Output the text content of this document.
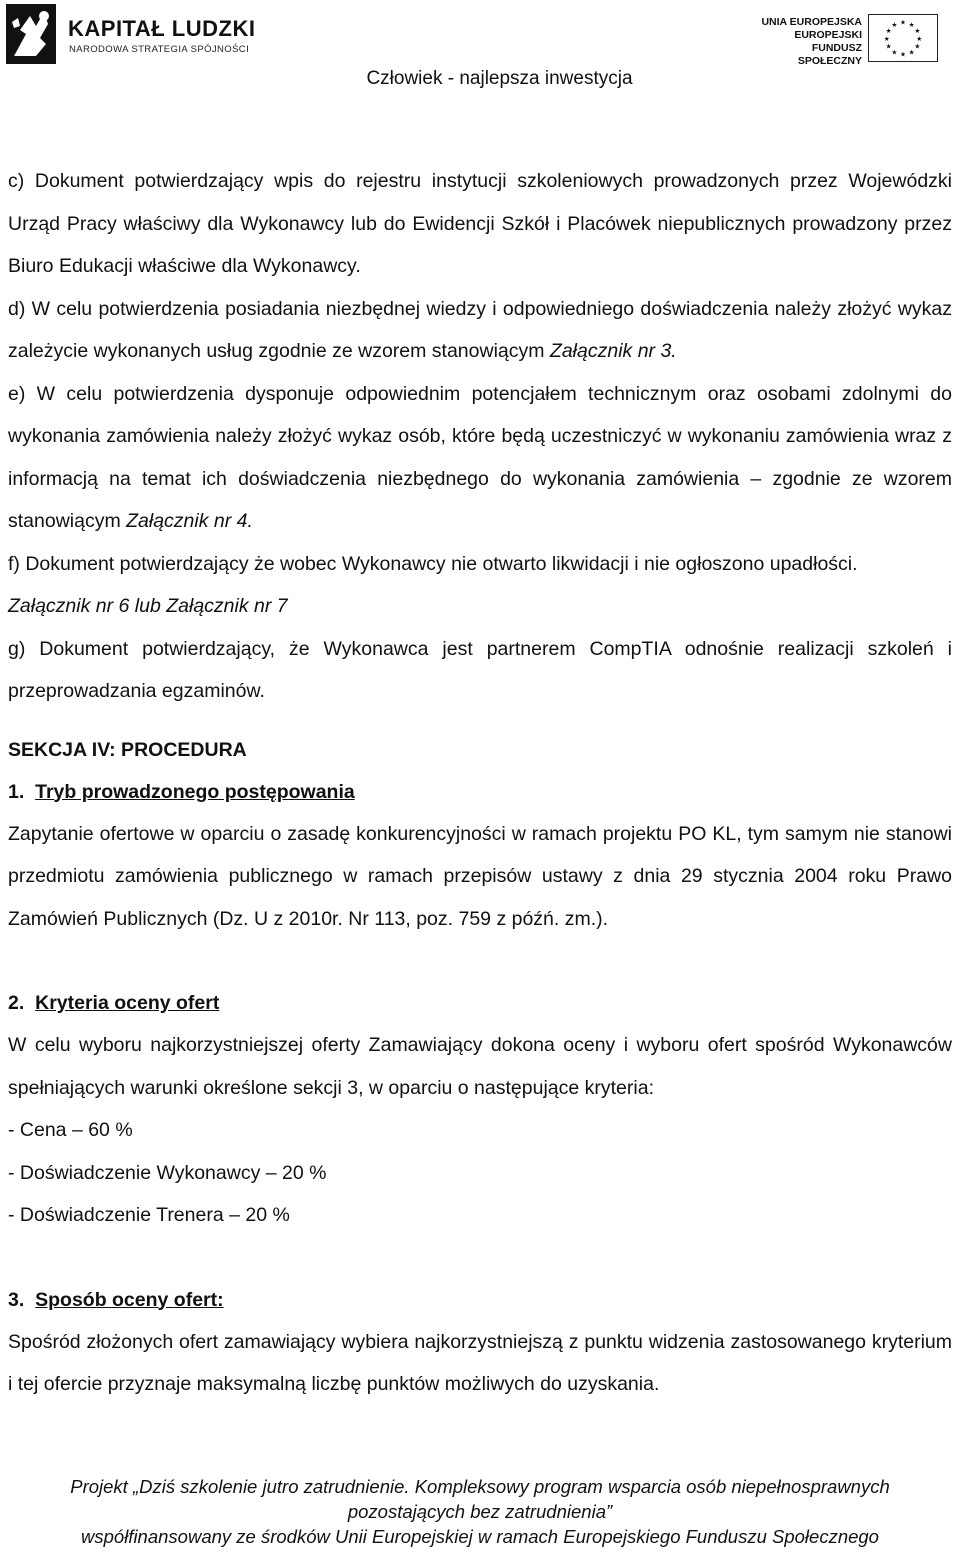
KAPITAŁ LUDZKI
NARODOWA STRATEGIA SPÓJNOŚCI
UNIA EUROPEJSKA
EUROPEJSKI
FUNDUSZ SPOŁECZNY
★ ★
★
★
★
★
★
★
★
★
★
★
Człowiek - najlepsza inwestycja

c) Dokument potwierdzający wpis do rejestru instytucji szkoleniowych prowadzonych przez Wojewódzki Urząd Pracy właściwy dla Wykonawcy lub do Ewidencji Szkół i Placówek niepublicznych prowadzony przez Biuro Edukacji właściwe dla Wykonawcy.

d) W celu potwierdzenia posiadania niezbędnej wiedzy i odpowiedniego doświadczenia należy złożyć wykaz zależycie wykonanych usług zgodnie ze wzorem stanowiącym Załącznik nr 3.

e) W celu potwierdzenia dysponuje odpowiednim potencjałem technicznym oraz osobami zdolnymi do wykonania zamówienia należy złożyć wykaz osób, które będą uczestniczyć w wykonaniu zamówienia wraz z informacją na temat ich doświadczenia niezbędnego do wykonania zamówienia – zgodnie ze wzorem stanowiącym Załącznik nr 4.

f) Dokument potwierdzający że wobec Wykonawcy nie otwarto likwidacji i nie ogłoszono upadłości.

Załącznik nr 6 lub Załącznik nr 7

g) Dokument potwierdzający, że Wykonawca jest partnerem CompTIA odnośnie realizacji szkoleń i przeprowadzania egzaminów.

SEKCJA IV: PROCEDURA

1. Tryb prowadzonego postępowania

Zapytanie ofertowe w oparciu o zasadę konkurencyjności w ramach projektu PO KL, tym samym nie stanowi przedmiotu zamówienia publicznego w ramach przepisów ustawy z dnia 29 stycznia 2004 roku Prawo Zamówień Publicznych (Dz. U z 2010r. Nr 113, poz. 759 z późń. zm.).

2. Kryteria oceny ofert

W celu wyboru najkorzystniejszej oferty Zamawiający dokona oceny i wyboru ofert spośród Wykonawców spełniających warunki określone sekcji 3, w oparciu o następujące kryteria:

- Cena – 60 %

- Doświadczenie Wykonawcy – 20 %

- Doświadczenie Trenera – 20 %

3. Sposób oceny ofert:

Spośród złożonych ofert zamawiający wybiera najkorzystniejszą z punktu widzenia zastosowanego kryterium i tej ofercie przyznaje maksymalną liczbę punktów możliwych do uzyskania.

Projekt „Dziś szkolenie jutro zatrudnienie. Kompleksowy program wsparcia osób niepełnosprawnych
pozostających bez zatrudnienia”
współfinansowany ze środków Unii Europejskiej w ramach Europejskiego Funduszu Społecznego
